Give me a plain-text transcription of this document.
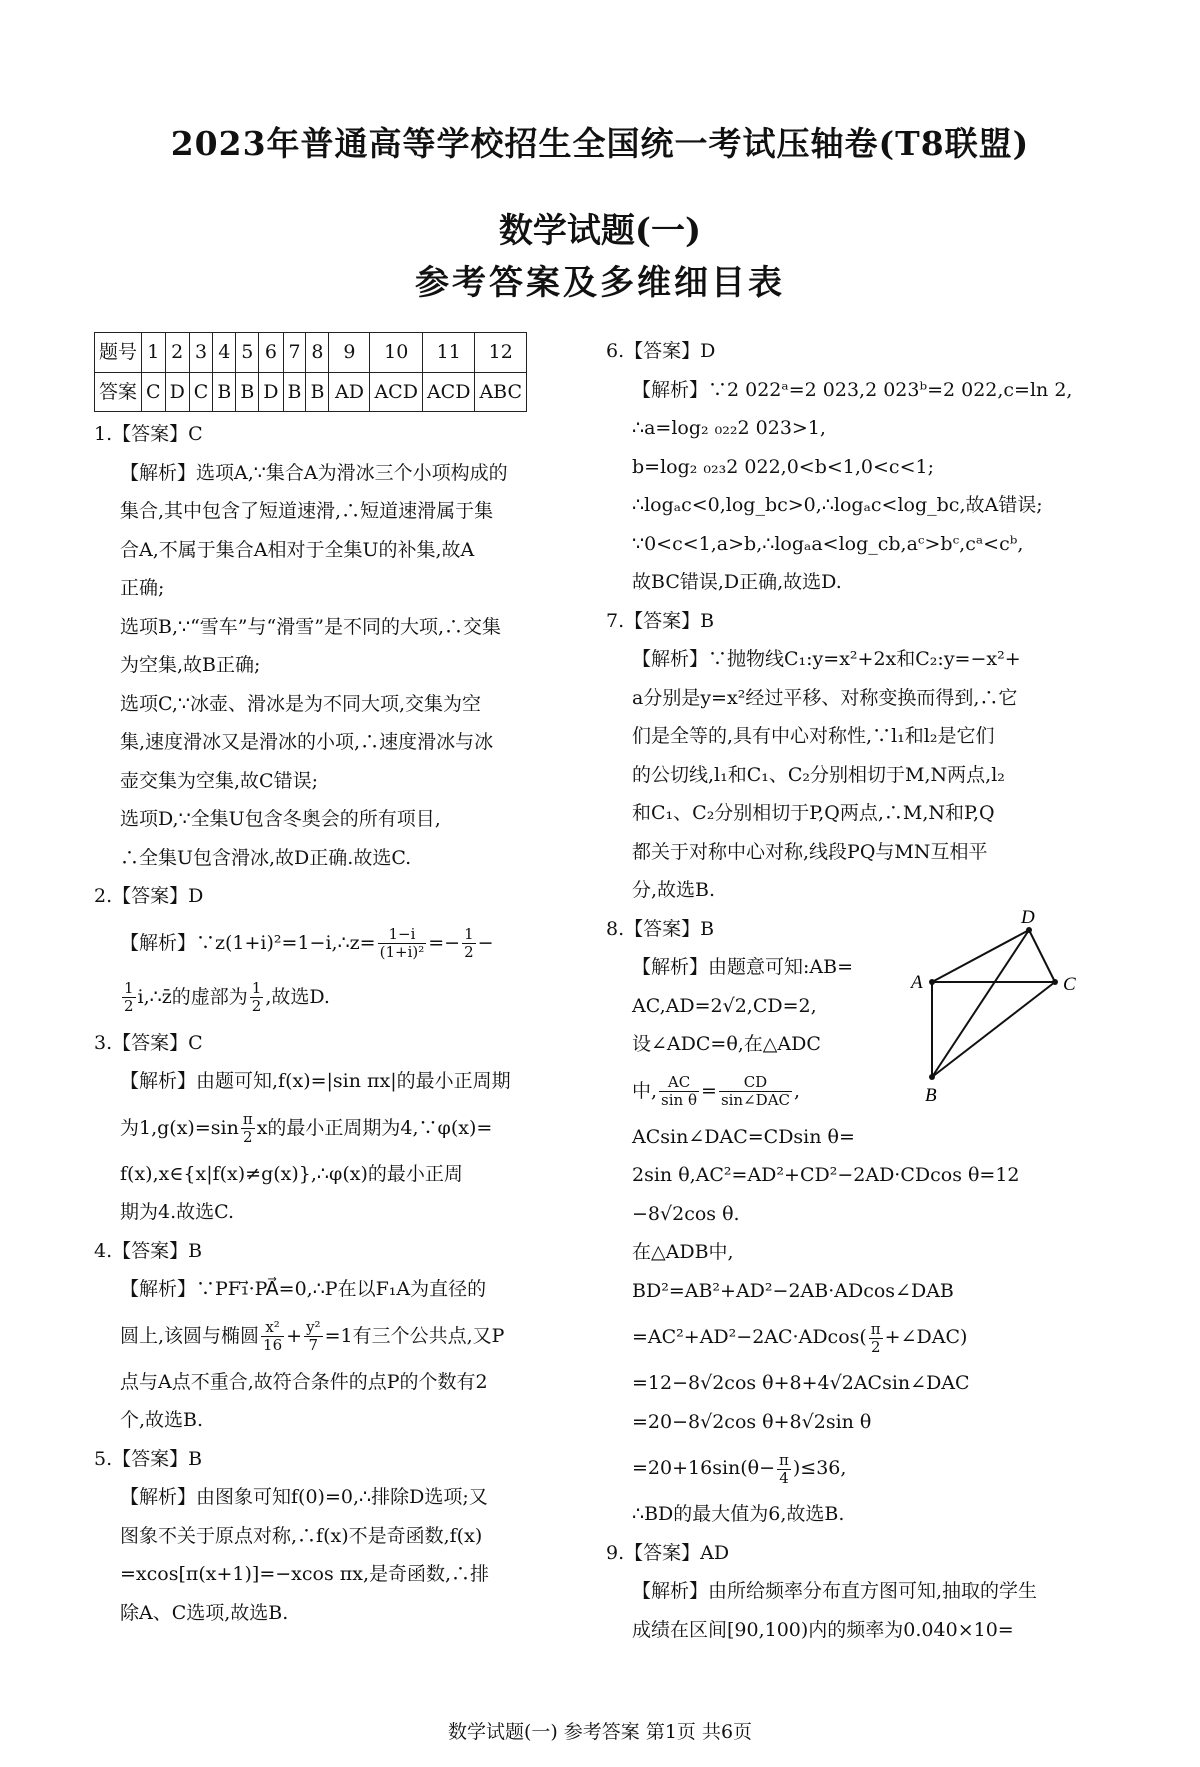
2023年普通高等学校招生全国统一考试压轴卷(T8联盟)
数学试题(一)
参考答案及多维细目表
题号	1	2	3	4	5	6	7	8	9	10	11	12
答案	C	D	C	B	B	D	B	B	AD	ACD	ACD	ABC
1.【答案】C
【解析】选项A,∵集合A为滑冰三个小项构成的
集合,其中包含了短道速滑,∴短道速滑属于集
合A,不属于集合A相对于全集U的补集,故A
正确;
选项B,∵“雪车”与“滑雪”是不同的大项,∴交集
为空集,故B正确;
选项C,∵冰壶、滑冰是为不同大项,交集为空
集,速度滑冰又是滑冰的小项,∴速度滑冰与冰
壶交集为空集,故C错误;
选项D,∵全集U包含冬奥会的所有项目,
∴全集U包含滑冰,故D正确.故选C.
2.【答案】D
【解析】∵z(1+i)²=1−i,∴z= $\frac{1-i}{\text{(1+i)²}} =- \frac{1}{2}$ −
$\frac{1}{2}$ i,∴z̄的虚部为 $\frac{1}{2}$ ,故选D.
3.【答案】C
【解析】由题可知,f(x)=|sin πx|的最小正周期
为$1,g(x)=\sin \frac{\pi}{2}$ x的最小正周期为4,∵φ(x)=
f(x),x∈{x|f(x)≠g(x)},∴φ(x)的最小正周
期为4.故选C.
4.【答案】B
【解析】∵PF₁⃗·PA⃗=0,∴P在以F₁A为直径的
圆上,该圆与椭圆 $\frac{\text{x²}}{16} + \frac{\text{y²}}{7} =1$有三个公共点,又P
点与A点不重合,故符合条件的点P的个数有2
个,故选B.
5.【答案】B
【解析】由图象可知f(0)=0,∴排除D选项;又
图象不关于原点对称,∴f(x)不是奇函数,f(x)
=xcos[π(x+1)]=−xcos πx,是奇函数,∴排
除A、C选项,故选B.
6.【答案】D
【解析】∵2 022ᵃ=2 023,2 023ᵇ=2 022,c=ln 2,
∴a=log₂ ₀₂₂2 023>1,
b=log₂ ₀₂₃2 022,0<b<1,0<c<1;
∴logₐc<0,log_bc>0,∴logₐc<log_bc,故A错误;
∵0<c<1,a>b,∴logₐa<log_cb,aᶜ>bᶜ,cᵃ<cᵇ,
故BC错误,D正确,故选D.
7.【答案】B
【解析】∵抛物线C₁:y=x²+2x和C₂:y=−x²+
a分别是y=x²经过平移、对称变换而得到,∴它
们是全等的,具有中心对称性,∵l₁和l₂是它们
的公切线,l₁和C₁、C₂分别相切于M,N两点,l₂
和C₁、C₂分别相切于P,Q两点,∴M,N和P,Q
都关于对称中心对称,线段PQ与MN互相平
分,故选B.
8.【答案】B
【解析】由题意可知:AB=
AC,AD=2√2,CD=2,
设∠ADC=θ,在△ADC
中, $\frac{AC}{\text{sin θ}} = \frac{CD}{\text{sin∠DAC}}$ ,
ACsin∠DAC=CDsin θ=
2sin θ,AC²=AD²+CD²−2AD·CDcos θ=12
−8√2cos θ.
在△ADB中,
BD²=AB²+AD²−2AB·ADcos∠DAB
$=AC^2+AD^2-2AC\cdot ADcos( \frac{\pi}{2}$ +∠DAC)
=12−8√2cos θ+8+4√2ACsin∠DAC
=20−8√2cos θ+8√2sin θ
$=20+16\sin(\theta- \frac{\pi}{4} )\le 36$,
∴BD的最大值为6,故选B.
9.【答案】AD
【解析】由所给频率分布直方图可知,抽取的学生
成绩在区间[90,100)内的频率为0.040×10=
D
A	C
B
数学试题(一) 参考答案 第1页 共6页
